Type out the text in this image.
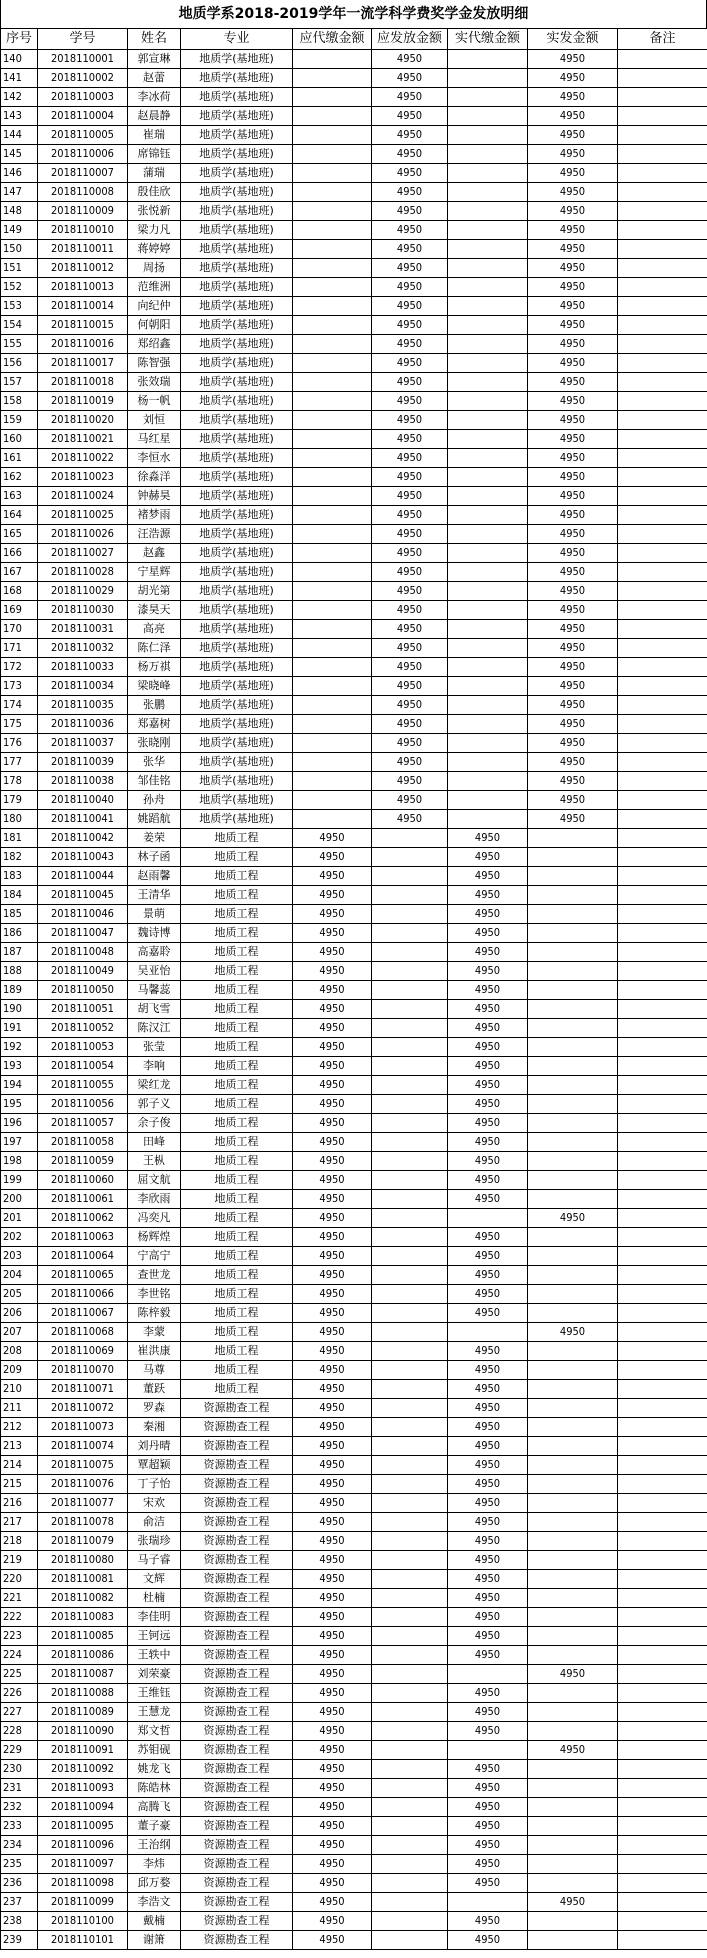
地质学系2018-2019学年一流学科学费奖学金发放明细
序号	学号	姓名	专业	应代缴金额	应发放金额	实代缴金额	实发金额	备注
140	2018110001	郭宣琳	地质学(基地班)		4950		4950	
141	2018110002	赵蕾	地质学(基地班)		4950		4950	
142	2018110003	李冰荷	地质学(基地班)		4950		4950	
143	2018110004	赵晨静	地质学(基地班)		4950		4950	
144	2018110005	崔瑞	地质学(基地班)		4950		4950	
145	2018110006	席锦钰	地质学(基地班)		4950		4950	
146	2018110007	蒲瑞	地质学(基地班)		4950		4950	
147	2018110008	殷佳欣	地质学(基地班)		4950		4950	
148	2018110009	张悦新	地质学(基地班)		4950		4950	
149	2018110010	梁力凡	地质学(基地班)		4950		4950	
150	2018110011	蒋婷婷	地质学(基地班)		4950		4950	
151	2018110012	周扬	地质学(基地班)		4950		4950	
152	2018110013	范维洲	地质学(基地班)		4950		4950	
153	2018110014	向纪仲	地质学(基地班)		4950		4950	
154	2018110015	何朝阳	地质学(基地班)		4950		4950	
155	2018110016	郑绍鑫	地质学(基地班)		4950		4950	
156	2018110017	陈智强	地质学(基地班)		4950		4950	
157	2018110018	张效瑞	地质学(基地班)		4950		4950	
158	2018110019	杨一帆	地质学(基地班)		4950		4950	
159	2018110020	刘恒	地质学(基地班)		4950		4950	
160	2018110021	马红星	地质学(基地班)		4950		4950	
161	2018110022	李恒水	地质学(基地班)		4950		4950	
162	2018110023	徐淼洋	地质学(基地班)		4950		4950	
163	2018110024	钟赫昊	地质学(基地班)		4950		4950	
164	2018110025	褚梦雨	地质学(基地班)		4950		4950	
165	2018110026	汪浩源	地质学(基地班)		4950		4950	
166	2018110027	赵鑫	地质学(基地班)		4950		4950	
167	2018110028	宁星辉	地质学(基地班)		4950		4950	
168	2018110029	胡光第	地质学(基地班)		4950		4950	
169	2018110030	漆昊天	地质学(基地班)		4950		4950	
170	2018110031	高亮	地质学(基地班)		4950		4950	
171	2018110032	陈仁泽	地质学(基地班)		4950		4950	
172	2018110033	杨万祺	地质学(基地班)		4950		4950	
173	2018110034	梁晓峰	地质学(基地班)		4950		4950	
174	2018110035	张鹏	地质学(基地班)		4950		4950	
175	2018110036	郑嘉树	地质学(基地班)		4950		4950	
176	2018110037	张晓刚	地质学(基地班)		4950		4950	
177	2018110039	张华	地质学(基地班)		4950		4950	
178	2018110038	邹佳铭	地质学(基地班)		4950		4950	
179	2018110040	孙舟	地质学(基地班)		4950		4950	
180	2018110041	姚蹈航	地质学(基地班)		4950		4950	
181	2018110042	姜荣	地质工程	4950		4950		
182	2018110043	林子函	地质工程	4950		4950		
183	2018110044	赵雨馨	地质工程	4950		4950		
184	2018110045	王清华	地质工程	4950		4950		
185	2018110046	景萌	地质工程	4950		4950		
186	2018110047	魏诗博	地质工程	4950		4950		
187	2018110048	高嘉聆	地质工程	4950		4950		
188	2018110049	吴亚怡	地质工程	4950		4950		
189	2018110050	马馨蕊	地质工程	4950		4950		
190	2018110051	胡飞雪	地质工程	4950		4950		
191	2018110052	陈汉江	地质工程	4950		4950		
192	2018110053	张莹	地质工程	4950		4950		
193	2018110054	李响	地质工程	4950		4950		
194	2018110055	梁红龙	地质工程	4950		4950		
195	2018110056	郭子义	地质工程	4950		4950		
196	2018110057	余子俊	地质工程	4950		4950		
197	2018110058	田峰	地质工程	4950		4950		
198	2018110059	王枞	地质工程	4950		4950		
199	2018110060	屈文航	地质工程	4950		4950		
200	2018110061	李欣雨	地质工程	4950		4950		
201	2018110062	冯奕凡	地质工程	4950			4950	
202	2018110063	杨辉煌	地质工程	4950		4950		
203	2018110064	宁高宁	地质工程	4950		4950		
204	2018110065	查世龙	地质工程	4950		4950		
205	2018110066	李世铭	地质工程	4950		4950		
206	2018110067	陈梓毅	地质工程	4950		4950		
207	2018110068	李蒙	地质工程	4950			4950	
208	2018110069	崔洪康	地质工程	4950		4950		
209	2018110070	马尊	地质工程	4950		4950		
210	2018110071	董跃	地质工程	4950		4950		
211	2018110072	罗森	资源勘查工程	4950		4950		
212	2018110073	秦湘	资源勘查工程	4950		4950		
213	2018110074	刘丹晴	资源勘查工程	4950		4950		
214	2018110075	覃超颖	资源勘查工程	4950		4950		
215	2018110076	丁子怡	资源勘查工程	4950		4950		
216	2018110077	宋欢	资源勘查工程	4950		4950		
217	2018110078	俞洁	资源勘查工程	4950		4950		
218	2018110079	张瑞珍	资源勘查工程	4950		4950		
219	2018110080	马子睿	资源勘查工程	4950		4950		
220	2018110081	文辉	资源勘查工程	4950		4950		
221	2018110082	杜楠	资源勘查工程	4950		4950		
222	2018110083	李佳明	资源勘查工程	4950		4950		
223	2018110085	王钶远	资源勘查工程	4950		4950		
224	2018110086	王轶中	资源勘查工程	4950		4950		
225	2018110087	刘荣豪	资源勘查工程	4950			4950	
226	2018110088	王维钰	资源勘查工程	4950		4950		
227	2018110089	王慧龙	资源勘查工程	4950		4950		
228	2018110090	郑文哲	资源勘查工程	4950		4950		
229	2018110091	苏钼砚	资源勘查工程	4950			4950	
230	2018110092	姚龙飞	资源勘查工程	4950		4950		
231	2018110093	陈皓林	资源勘查工程	4950		4950		
232	2018110094	高腾飞	资源勘查工程	4950		4950		
233	2018110095	董子豪	资源勘查工程	4950		4950		
234	2018110096	王治纲	资源勘查工程	4950		4950		
235	2018110097	李炜	资源勘查工程	4950		4950		
236	2018110098	邱万婺	资源勘查工程	4950		4950		
237	2018110099	李浩文	资源勘查工程	4950			4950	
238	2018110100	戴楠	资源勘查工程	4950		4950		
239	2018110101	谢箫	资源勘查工程	4950		4950		
